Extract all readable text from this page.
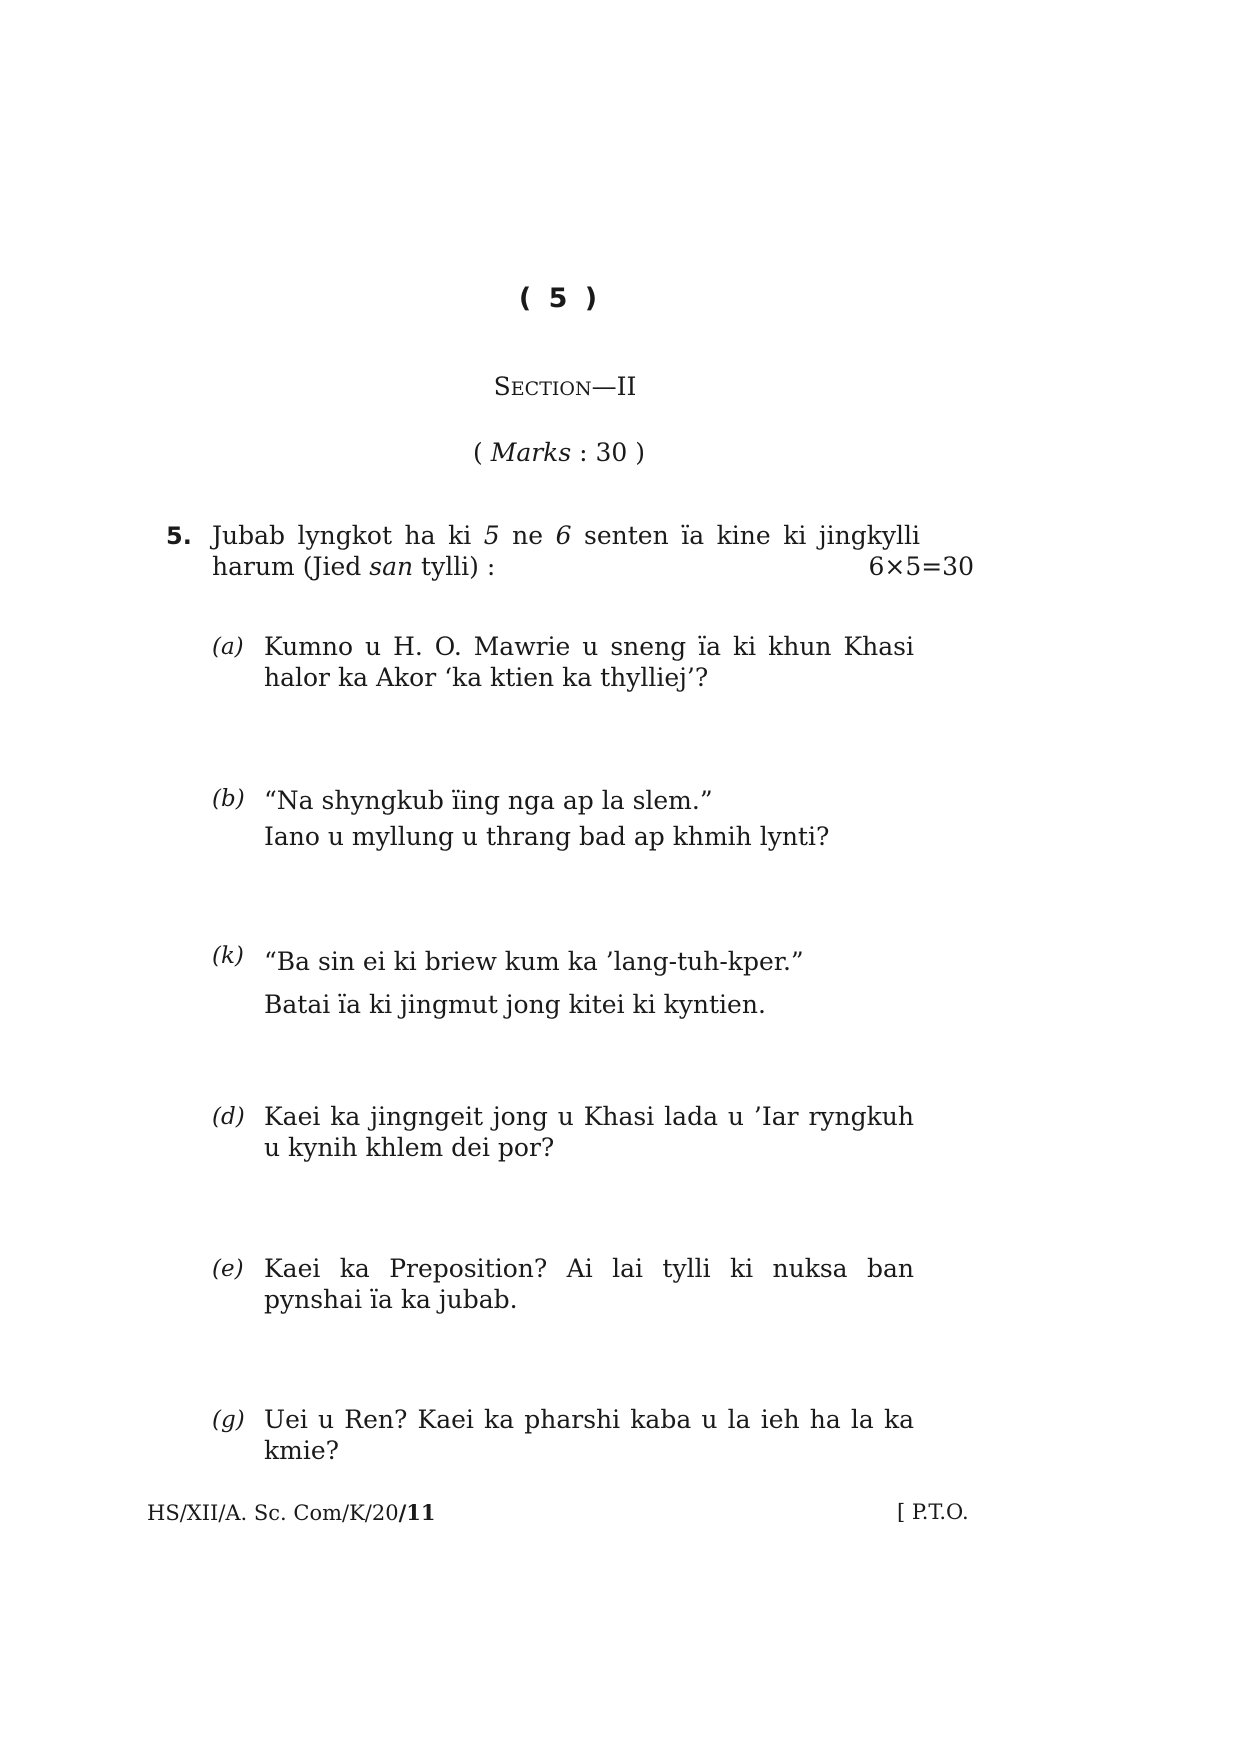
( 5 )
SECTION—II
( Marks : 30 )
5. Jubab lyngkot ha ki 5 ne 6 senten ïa kine ki jingkylli
harum (Jied san tylli) :	6×5=30
(a) Kumno u H. O. Mawrie u sneng ïa ki khun Khasi
halor ka Akor ‘ka ktien ka thylliej’?
(b) “Na shyngkub ïing nga ap la slem.”
Iano u myllung u thrang bad ap khmih lynti?
(k) “Ba sin ei ki briew kum ka ’lang-tuh-kper.”
Batai ïa ki jingmut jong kitei ki kyntien.
(d) Kaei ka jingngeit jong u Khasi lada u ’Iar ryngkuh
u kynih khlem dei por?
(e) Kaei ka Preposition? Ai lai tylli ki nuksa ban
pynshai ïa ka jubab.
(g) Uei u Ren? Kaei ka pharshi kaba u la ieh ha la ka
kmie?
HS/XII/A. Sc. Com/K/20/11	[ P.T.O.
